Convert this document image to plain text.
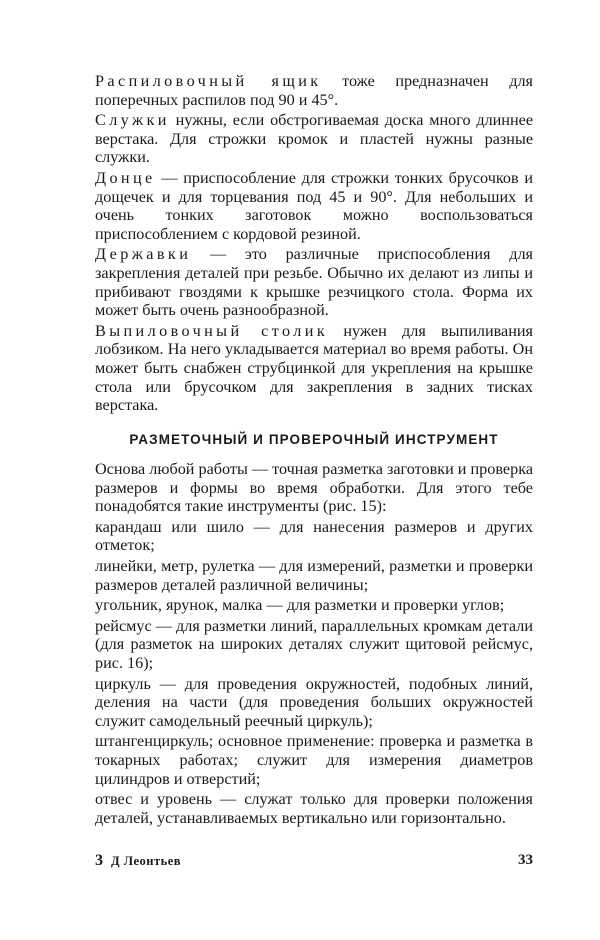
Распиловочный ящик тоже предназначен для поперечных распилов под 90 и 45°.

Служки нужны, если обстрогиваемая доска много длиннее верстака. Для строжки кромок и пластей нужны разные служки.

Донце — приспособление для строжки тонких брусочков и дощечек и для торцевания под 45 и 90°. Для небольших и очень тонких заготовок можно воспользоваться приспособлением с кордовой резиной.

Державки — это различные приспособления для закрепления деталей при резьбе. Обычно их делают из липы и прибивают гвоздями к крышке резчицкого стола. Форма их может быть очень разнообразной.

Выпиловочный столик нужен для выпиливания лобзиком. На него укладывается материал во время работы. Он может быть снабжен струбцинкой для укрепления на крышке стола или брусочком для закрепления в задних тисках верстака.

РАЗМЕТОЧНЫЙ И ПРОВЕРОЧНЫЙ ИНСТРУМЕНТ

Основа любой работы — точная разметка заготовки и проверка размеров и формы во время обработки. Для этого тебе понадобятся такие инструменты (рис. 15):

карандаш или шило — для нанесения размеров и других отметок;

линейки, метр, рулетка — для измерений, разметки и проверки размеров деталей различной величины;

угольник, ярунок, малка — для разметки и проверки углов;

рейсмус — для разметки линий, параллельных кромкам детали (для разметок на широких деталях служит щитовой рейсмус, рис. 16);

циркуль — для проведения окружностей, подобных линий, деления на части (для проведения больших окружностей служит самодельный реечный циркуль);

штангенциркуль; основное применение: проверка и разметка в токарных работах; служит для измерения диаметров цилиндров и отверстий;

отвес и уровень — служат только для проверки положения деталей, устанавливаемых вертикально или горизонтально.

3 Д Леонтьев	33
